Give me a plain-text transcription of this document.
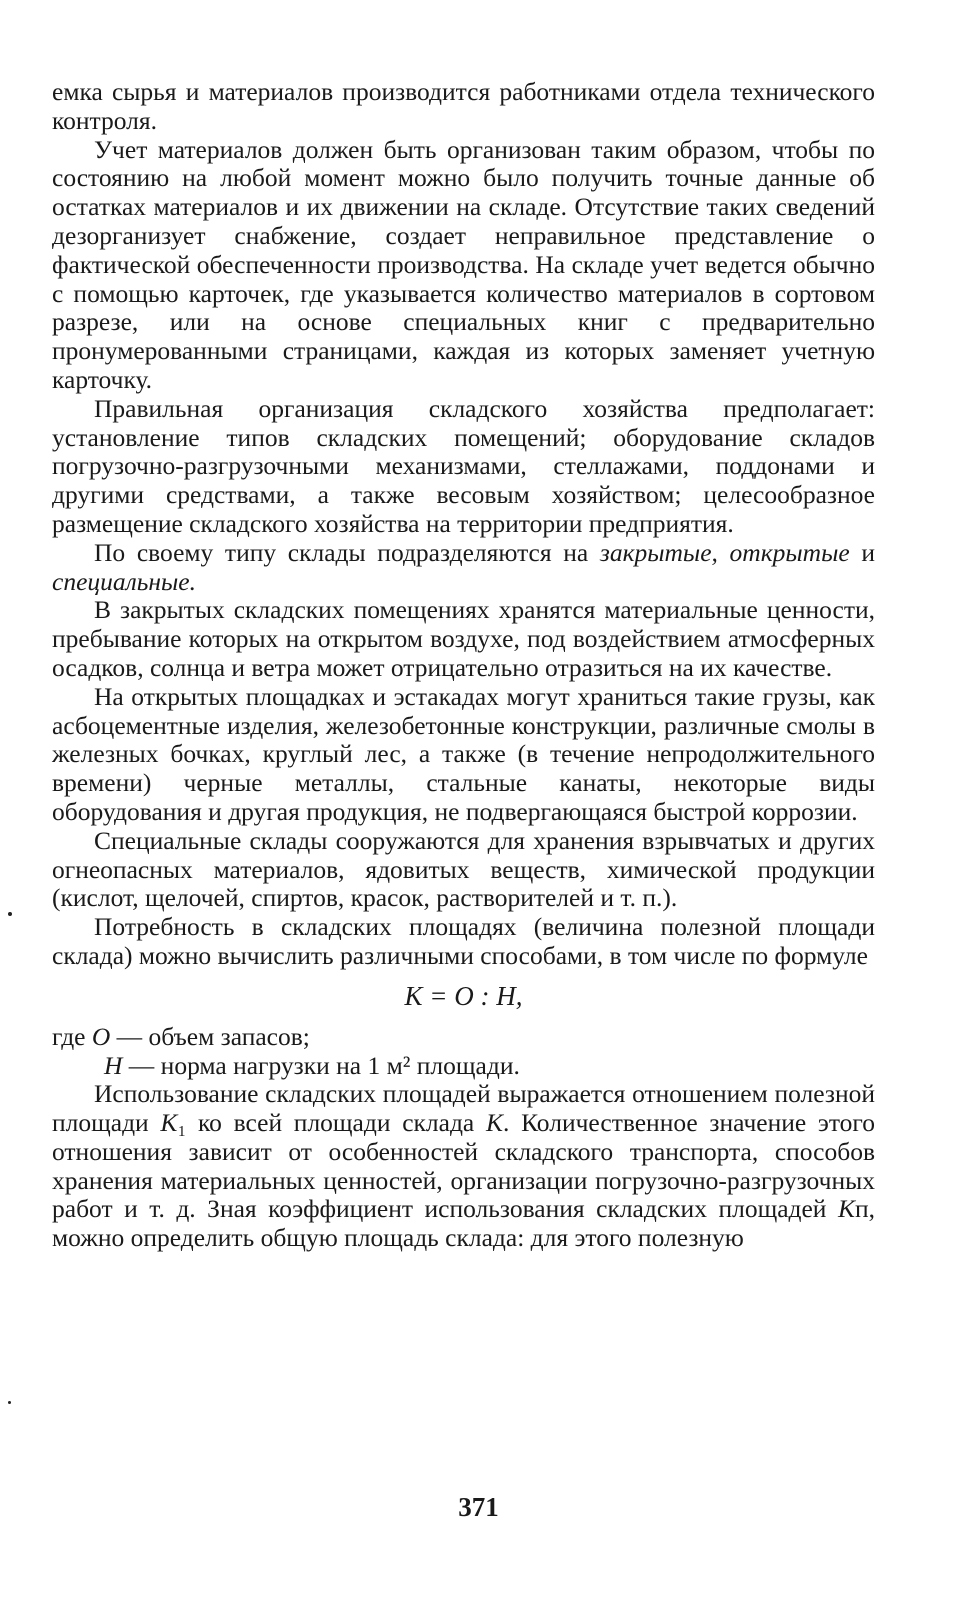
емка сырья и материалов производится работниками отдела технического контроля.

Учет материалов должен быть организован таким образом, чтобы по состоянию на любой момент можно было получить точные данные об остатках материалов и их движении на складе. Отсутствие таких сведений дезорганизует снабжение, создает неправильное представление о фактической обеспеченности производства. На складе учет ведется обычно с помощью карточек, где указывается количество материалов в сортовом разрезе, или на основе специальных книг с предварительно пронумерованными страницами, каждая из которых заменяет учетную карточку.

Правильная организация складского хозяйства предполагает: установление типов складских помещений; оборудование складов погрузочно-разгрузочными механизмами, стеллажами, поддонами и другими средствами, а также весовым хозяйством; целесообразное размещение складского хозяйства на территории предприятия.

По своему типу склады подразделяются на закрытые, открытые и специальные.

В закрытых складских помещениях хранятся материальные ценности, пребывание которых на открытом воздухе, под воздействием атмосферных осадков, солнца и ветра может отрицательно отразиться на их качестве.

На открытых площадках и эстакадах могут храниться такие грузы, как асбоцементные изделия, железобетонные конструкции, различные смолы в железных бочках, круглый лес, а также (в течение непродолжительного времени) черные металлы, стальные канаты, некоторые виды оборудования и другая продукция, не подвергающаяся быстрой коррозии.

Специальные склады сооружаются для хранения взрывчатых и других огнеопасных материалов, ядовитых веществ, химической продукции (кислот, щелочей, спиртов, красок, растворителей и т. п.).

Потребность в складских площадях (величина полезной площади склада) можно вычислить различными способами, в том числе по формуле

K = O : H,

где O — объем запасов;

H — норма нагрузки на 1 м² площади.

Использование складских площадей выражается отношением полезной площади K₁ ко всей площади склада K. Количественное значение этого отношения зависит от особенностей складского транспорта, способов хранения материальных ценностей, организации погрузочно-разгрузочных работ и т. д. Зная коэффициент использования складских площадей Kп, можно определить общую площадь склада: для этого полезную

371
